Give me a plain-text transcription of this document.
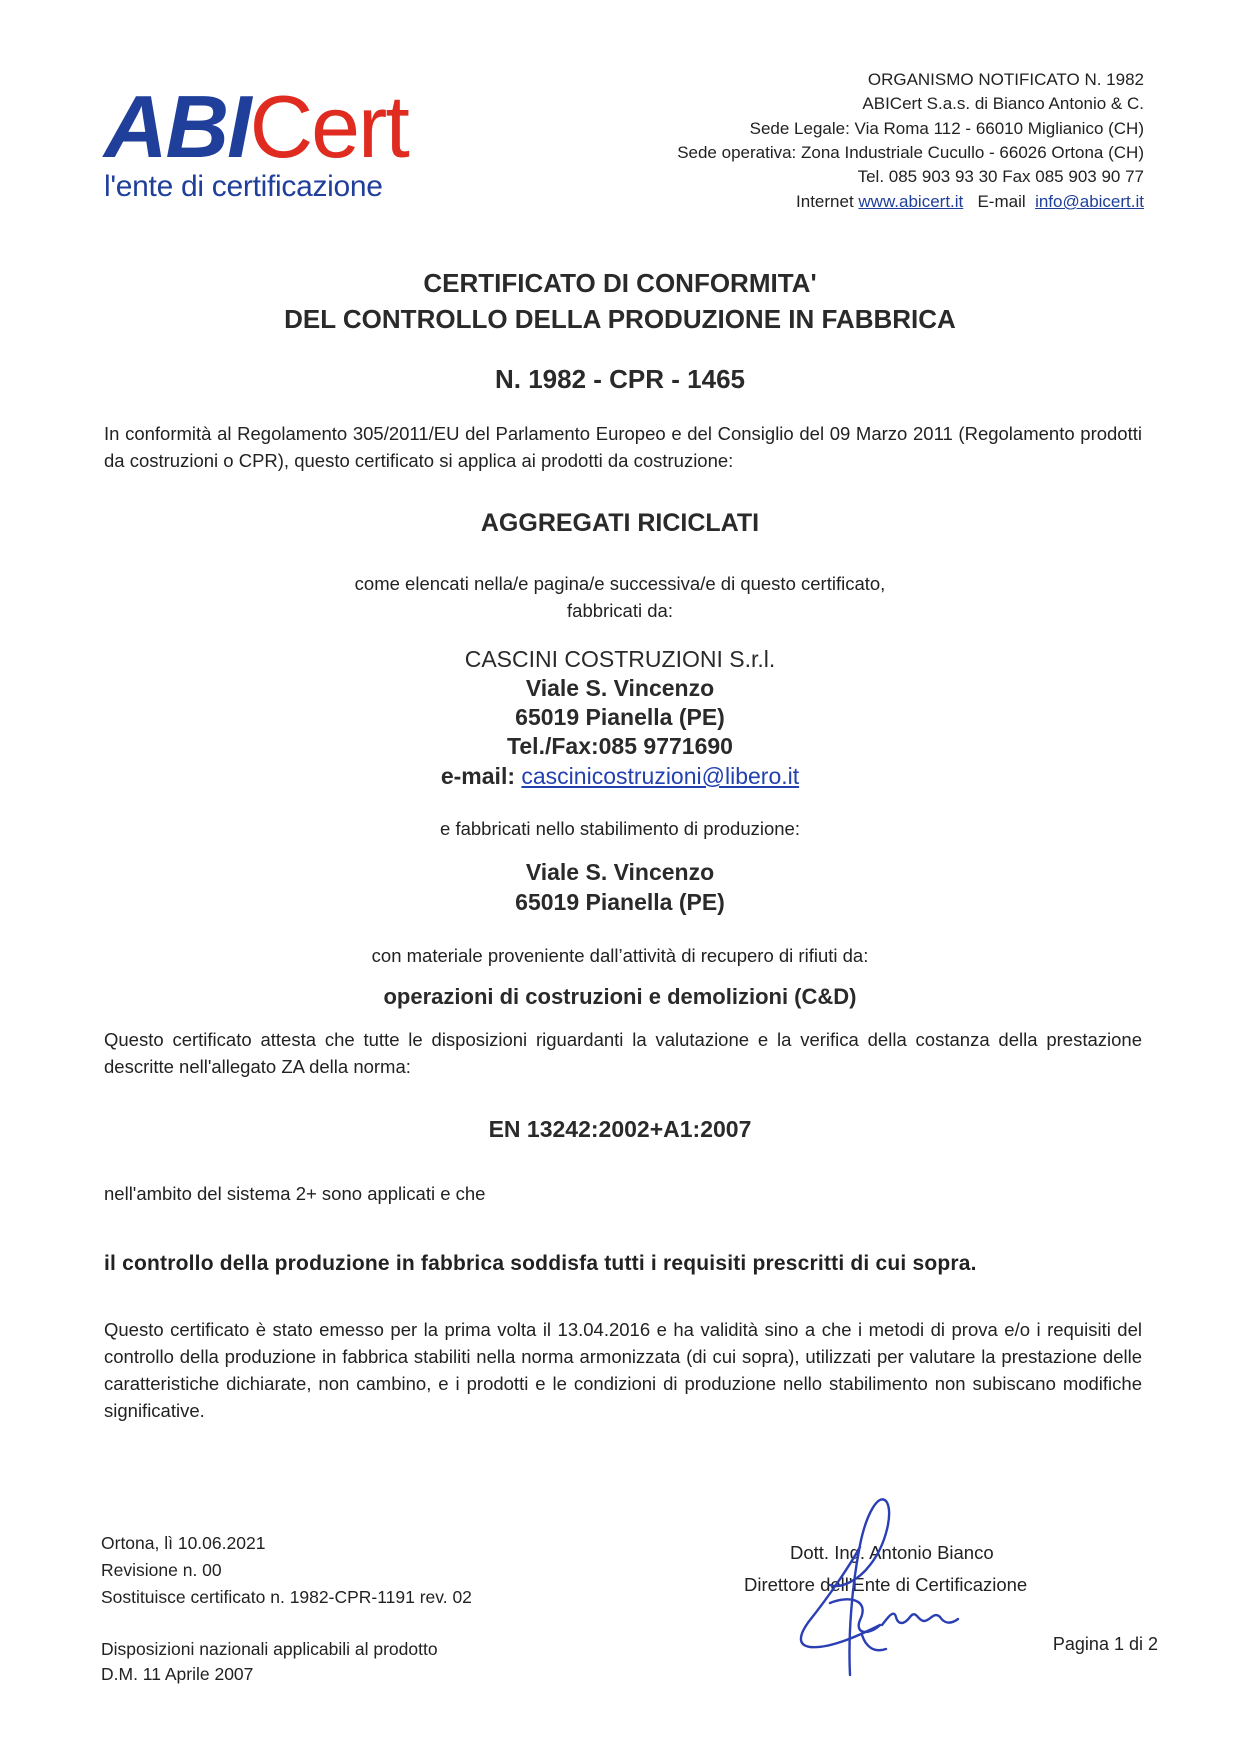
ABICert
l'ente di certificazione
ORGANISMO NOTIFICATO N. 1982
ABICert S.a.s. di Bianco Antonio & C.
Sede Legale: Via Roma 112 - 66010 Miglianico (CH)
Sede operativa: Zona Industriale Cucullo - 66026 Ortona (CH)
Tel. 085 903 93 30 Fax 085 903 90 77
Internet www.abicert.it E-mail info@abicert.it
CERTIFICATO DI CONFORMITA'
DEL CONTROLLO DELLA PRODUZIONE IN FABBRICA
N. 1982 - CPR - 1465
In conformità al Regolamento 305/2011/EU del Parlamento Europeo e del Consiglio del 09 Marzo 2011 (Regolamento prodotti da costruzioni o CPR), questo certificato si applica ai prodotti da costruzione:
AGGREGATI RICICLATI
come elencati nella/e pagina/e successiva/e di questo certificato,
fabbricati da:
CASCINI COSTRUZIONI S.r.l.
Viale S. Vincenzo
65019 Pianella (PE)
Tel./Fax:085 9771690
e-mail: cascinicostruzioni@libero.it
e fabbricati nello stabilimento di produzione:
Viale S. Vincenzo
65019 Pianella (PE)
con materiale proveniente dall’attività di recupero di rifiuti da:
operazioni di costruzioni e demolizioni (C&D)
Questo certificato attesta che tutte le disposizioni riguardanti la valutazione e la verifica della costanza della prestazione descritte nell'allegato ZA della norma:
EN 13242:2002+A1:2007
nell'ambito del sistema 2+ sono applicati e che
il controllo della produzione in fabbrica soddisfa tutti i requisiti prescritti di cui sopra.
Questo certificato è stato emesso per la prima volta il 13.04.2016 e ha validità sino a che i metodi di prova e/o i requisiti del controllo della produzione in fabbrica stabiliti nella norma armonizzata (di cui sopra), utilizzati per valutare la prestazione delle caratteristiche dichiarate, non cambino, e i prodotti e le condizioni di produzione nello stabilimento non subiscano modifiche significative.
Ortona, lì 10.06.2021
Revisione n. 00
Sostituisce certificato n. 1982-CPR-1191 rev. 02
Disposizioni nazionali applicabili al prodotto
D.M. 11 Aprile 2007
Dott. Ing. Antonio Bianco
Direttore dell'Ente di Certificazione
Pagina 1 di 2
